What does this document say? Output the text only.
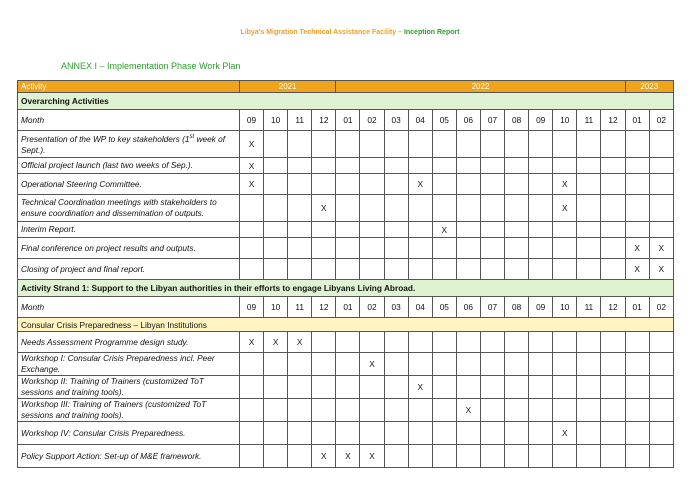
Libya's Migration Technical Assistance Facility – Inception Report
ANNEX I – Implementation Phase Work Plan
Activity	2021				2022												2023	
Overarching Activities																		
Month	09	10	11	12	01	02	03	04	05	06	07	08	09	10	11	12	01	02
Presentation of the WP to key stakeholders (1st week of Sept.).	X																	
Official project launch (last two weeks of Sep.).	X																	
Operational Steering Committee.	X							X						X				
Technical Coordination meetings with stakeholders to ensure coordination and dissemination of outputs.				X										X				
Interim Report.									X									
Final conference on project results and outputs.																	X	X
Closing of project and final report.																	X	X
Activity Strand 1: Support to the Libyan authorities in their efforts to engage Libyans Living Abroad.																		
Month	09	10	11	12	01	02	03	04	05	06	07	08	09	10	11	12	01	02
Consular Crisis Preparedness – Libyan Institutions																		
Needs Assessment Programme design study.	X	X	X															
Workshop I: Consular Crisis Preparedness incl. Peer Exchange.						X												
Workshop II: Training of Trainers (customized ToT sessions and training tools).								X										
Workshop III: Training of Trainers (customized ToT sessions and training tools).										X								
Workshop IV: Consular Crisis Preparedness.														X				
Policy Support Action: Set-up of M&E framework.				X	X	X												
